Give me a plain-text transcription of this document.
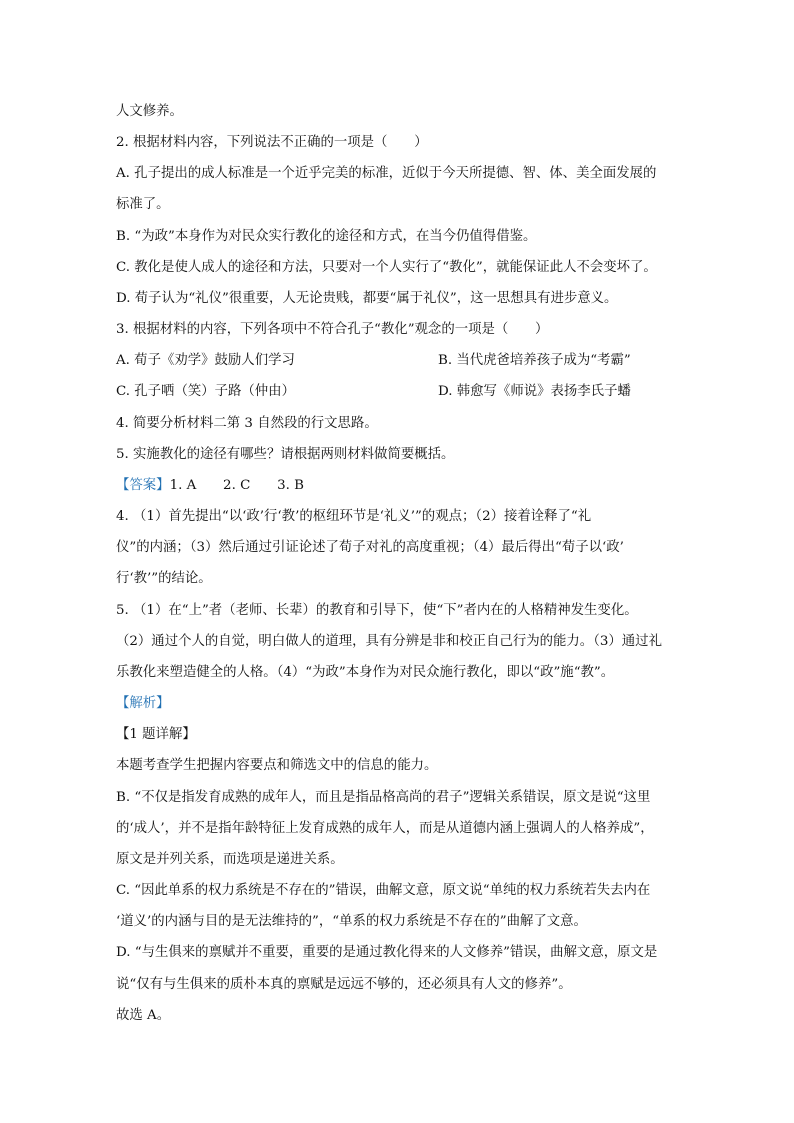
人文修养。
2. 根据材料内容，下列说法不正确的一项是（　　）
A. 孔子提出的成人标准是一个近乎完美的标准，近似于今天所提德、智、体、美全面发展的
标准了。
B. “为政”本身作为对民众实行教化的途径和方式，在当今仍值得借鉴。
C. 教化是使人成人的途径和方法，只要对一个人实行了“教化”，就能保证此人不会变坏了。
D. 荀子认为“礼仪”很重要，人无论贵贱，都要“属于礼仪”，这一思想具有进步意义。
3. 根据材料的内容，下列各项中不符合孔子“教化”观念的一项是（　　）
A. 荀子《劝学》鼓励人们学习	B. 当代虎爸培养孩子成为“考霸”
C. 孔子哂（笑）子路（仲由）	D. 韩愈写《师说》表扬李氏子蟠
4. 简要分析材料二第 3 自然段的行文思路。
5. 实施教化的途径有哪些？请根据两则材料做简要概括。
【答案】1. A　　2. C　　3. B
4. （1）首先提出“以‘政’行‘教’的枢纽环节是‘礼义’”的观点；（2）接着诠释了“礼
仪”的内涵；（3）然后通过引证论述了荀子对礼的高度重视；（4）最后得出“荀子以‘政’
行‘教’”的结论。
5. （1）在“上”者（老师、长辈）的教育和引导下，使“下”者内在的人格精神发生变化。
（2）通过个人的自觉，明白做人的道理，具有分辨是非和校正自己行为的能力。（3）通过礼
乐教化来塑造健全的人格。（4）“为政”本身作为对民众施行教化，即以“政”施“教”。
【解析】
【1 题详解】
本题考查学生把握内容要点和筛选文中的信息的能力。
B. “不仅是指发育成熟的成年人，而且是指品格高尚的君子”逻辑关系错误，原文是说“这里
的‘成人’，并不是指年龄特征上发育成熟的成年人，而是从道德内涵上强调人的人格养成”，
原文是并列关系，而选项是递进关系。
C. “因此单系的权力系统是不存在的”错误，曲解文意，原文说“单纯的权力系统若失去内在
‘道义’的内涵与目的是无法维持的”，“单系的权力系统是不存在的”曲解了文意。
D. “与生俱来的禀赋并不重要，重要的是通过教化得来的人文修养”错误，曲解文意，原文是
说“仅有与生俱来的质朴本真的禀赋是远远不够的，还必须具有人文的修养”。
故选 A。
